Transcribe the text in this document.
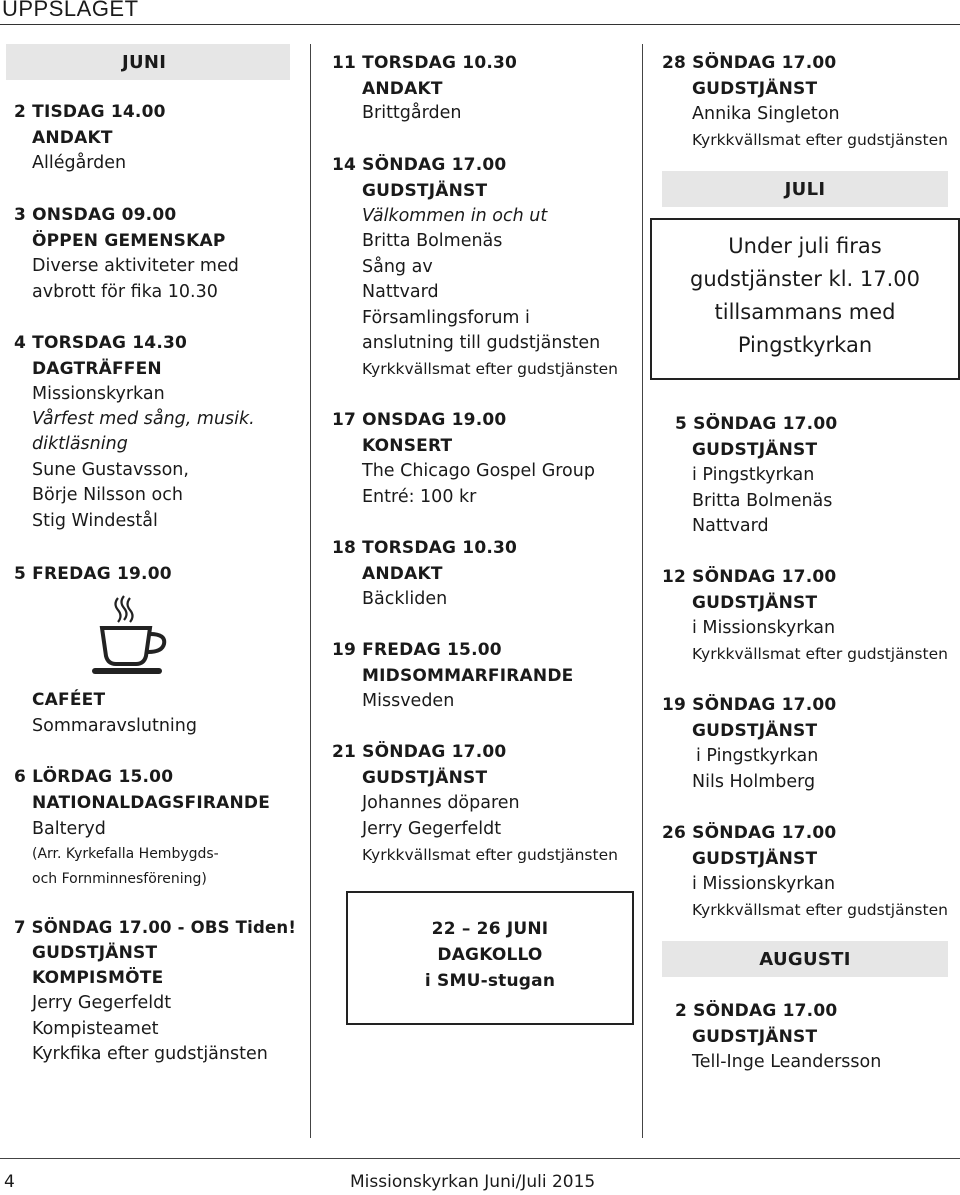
UPPSLAGET
JUNI
2 TISDAG 14.00
ANDAKT
Allégården
3 ONSDAG 09.00
ÖPPEN GEMENSKAP
Diverse aktiviteter med
avbrott för fika 10.30
4 TORSDAG 14.30
DAGTRÄFFEN
Missionskyrkan
Vårfest med sång, musik.
diktläsning
Sune Gustavsson,
Börje Nilsson och
Stig Windestål
5 FREDAG 19.00
CAFÉET
Sommaravslutning
6 LÖRDAG 15.00
NATIONALDAGSFIRANDE
Balteryd
(Arr. Kyrkefalla Hembygds-
och Fornminnesförening)
7 SÖNDAG 17.00 - OBS Tiden!
GUDSTJÄNST
KOMPISMÖTE
Jerry Gegerfeldt
Kompisteamet
Kyrkfika efter gudstjänsten
11 TORSDAG 10.30
ANDAKT
Brittgården
14 SÖNDAG 17.00
GUDSTJÄNST
Välkommen in och ut
Britta Bolmenäs
Sång av
Nattvard
Församlingsforum i
anslutning till gudstjänsten
Kyrkkvällsmat efter gudstjänsten
17 ONSDAG 19.00
KONSERT
The Chicago Gospel Group
Entré: 100 kr
18 TORSDAG 10.30
ANDAKT
Bäckliden
19 FREDAG 15.00
MIDSOMMARFIRANDE
Missveden
21 SÖNDAG 17.00
GUDSTJÄNST
Johannes döparen
Jerry Gegerfeldt
Kyrkkvällsmat efter gudstjänsten
22 – 26 JUNI
DAGKOLLO
i SMU-stugan
28 SÖNDAG 17.00
GUDSTJÄNST
Annika Singleton
Kyrkkvällsmat efter gudstjänsten
JULI
Under juli firas
gudstjänster kl. 17.00
tillsammans med
Pingstkyrkan
5 SÖNDAG 17.00
GUDSTJÄNST
i Pingstkyrkan
Britta Bolmenäs
Nattvard
12 SÖNDAG 17.00
GUDSTJÄNST
i Missionskyrkan
Kyrkkvällsmat efter gudstjänsten
19 SÖNDAG 17.00
GUDSTJÄNST
i Pingstkyrkan
Nils Holmberg
26 SÖNDAG 17.00
GUDSTJÄNST
i Missionskyrkan
Kyrkkvällsmat efter gudstjänsten
AUGUSTI
2 SÖNDAG 17.00
GUDSTJÄNST
Tell-Inge Leandersson
4	Missionskyrkan Juni/Juli 2015
